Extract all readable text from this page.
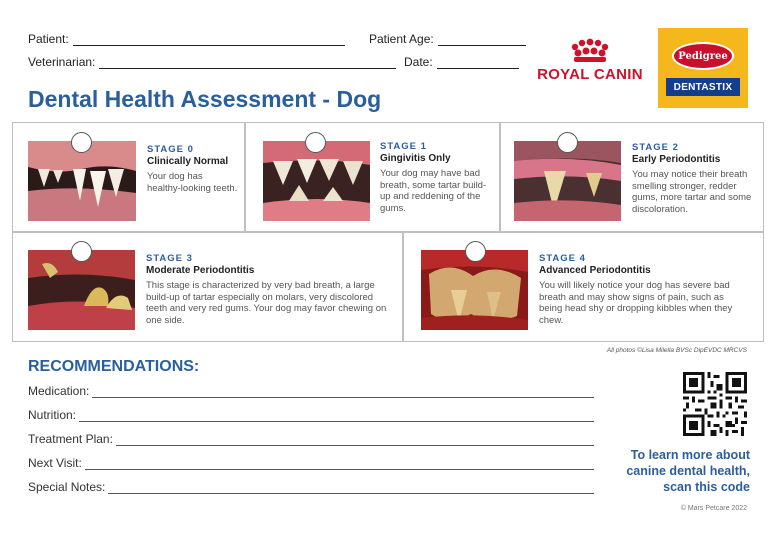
Patient:	Patient Age:
Veterinarian:	Date:
Dental Health Assessment - Dog
ROYAL CANIN
Pedigree
DENTASTIX
STAGE 0
Clinically Normal
Your dog has healthy-looking teeth.
STAGE 1
Gingivitis Only
Your dog may have bad breath, some tartar build-up and reddening of the gums.
STAGE 2
Early Periodontitis
You may notice their breath smelling stronger, redder gums, more tartar and some discoloration.
STAGE 3
Moderate Periodontitis
This stage is characterized by very bad breath, a large build-up of tartar especially on molars, very discolored teeth and very red gums. Your dog may favor chewing on one side.
STAGE 4
Advanced Periodontitis
You will likely notice your dog has severe bad breath and may show signs of pain, such as being head shy or dropping kibbles when they chew.
All photos ©Lisa Milella BVSc DipEVDC MRCVS
RECOMMENDATIONS:
Medication:
Nutrition:
Treatment Plan:
Next Visit:
Special Notes:
To learn more about canine dental health, scan this code
© Mars Petcare 2022
